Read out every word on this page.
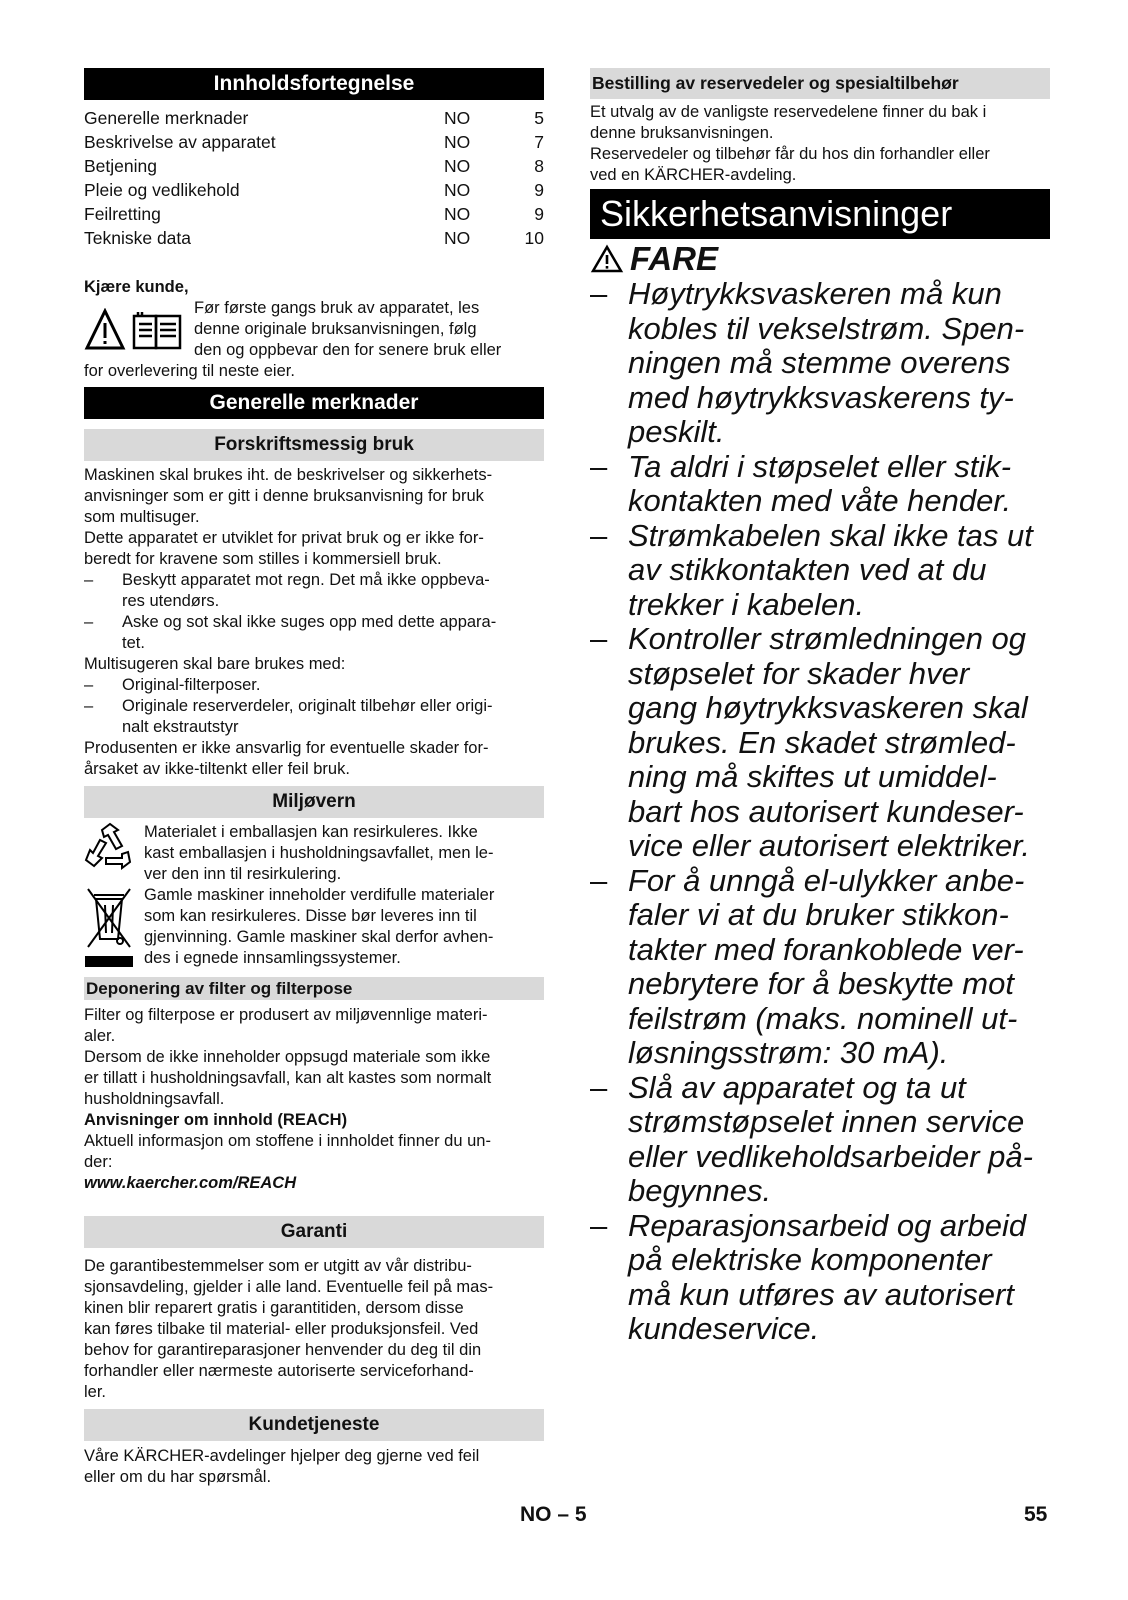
Innholdsfortegnelse
Generelle merknader	NO	5
Beskrivelse av apparatet	NO	7
Betjening	NO	8
Pleie og vedlikehold	NO	9
Feilretting	NO	9
Tekniske data	NO	10
Kjære kunde,
Før første gangs bruk av apparatet, les
denne originale bruksanvisningen, følg
den og oppbevar den for senere bruk eller
for overlevering til neste eier.
Generelle merknader
Forskriftsmessig bruk
Maskinen skal brukes iht. de beskrivelser og sikkerhets-
anvisninger som er gitt i denne bruksanvisning for bruk
som multisuger.
Dette apparatet er utviklet for privat bruk og er ikke for-
beredt for kravene som stilles i kommersiell bruk.
– Beskytt apparatet mot regn. Det må ikke oppbeva-
res utendørs.
– Aske og sot skal ikke suges opp med dette appara-
tet.
Multisugeren skal bare brukes med:
– Original-filterposer.
– Originale reserverdeler, originalt tilbehør eller origi-
nalt ekstrautstyr
Produsenten er ikke ansvarlig for eventuelle skader for-
årsaket av ikke-tiltenkt eller feil bruk.
Miljøvern
Materialet i emballasjen kan resirkuleres. Ikke
kast emballasjen i husholdningsavfallet, men le-
ver den inn til resirkulering.
Gamle maskiner inneholder verdifulle materialer
som kan resirkuleres. Disse bør leveres inn til
gjenvinning. Gamle maskiner skal derfor avhen-
des i egnede innsamlingssystemer.
Deponering av filter og filterpose
Filter og filterpose er produsert av miljøvennlige materi-
aler.
Dersom de ikke inneholder oppsugd materiale som ikke
er tillatt i husholdningsavfall, kan alt kastes som normalt
husholdningsavfall.
Anvisninger om innhold (REACH)
Aktuell informasjon om stoffene i innholdet finner du un-
der:
www.kaercher.com/REACH
Garanti
De garantibestemmelser som er utgitt av vår distribu-
sjonsavdeling, gjelder i alle land. Eventuelle feil på mas-
kinen blir reparert gratis i garantitiden, dersom disse
kan føres tilbake til material- eller produksjonsfeil. Ved
behov for garantireparasjoner henvender du deg til din
forhandler eller nærmeste autoriserte serviceforhand-
ler.
Kundetjeneste
Våre KÄRCHER-avdelinger hjelper deg gjerne ved feil
eller om du har spørsmål.
Bestilling av reservedeler og spesialtilbehør
Et utvalg av de vanligste reservedelene finner du bak i
denne bruksanvisningen.
Reservedeler og tilbehør får du hos din forhandler eller
ved en KÄRCHER-avdeling.
Sikkerhetsanvisninger
FARE
– Høytrykksvaskeren må kun
kobles til vekselstrøm. Spen-
ningen må stemme overens
med høytrykksvaskerens ty-
peskilt.
– Ta aldri i støpselet eller stik-
kontakten med våte hender.
– Strømkabelen skal ikke tas ut
av stikkontakten ved at du
trekker i kabelen.
– Kontroller strømledningen og
støpselet for skader hver
gang høytrykksvaskeren skal
brukes. En skadet strømled-
ning må skiftes ut umiddel-
bart hos autorisert kundeser-
vice eller autorisert elektriker.
– For å unngå el-ulykker anbe-
faler vi at du bruker stikkon-
takter med forankoblede ver-
nebrytere for å beskytte mot
feilstrøm (maks. nominell ut-
løsningsstrøm: 30 mA).
– Slå av apparatet og ta ut
strømstøpselet innen service
eller vedlikeholdsarbeider på-
begynnes.
– Reparasjonsarbeid og arbeid
på elektriske komponenter
må kun utføres av autorisert
kundeservice.
NO – 5	55
